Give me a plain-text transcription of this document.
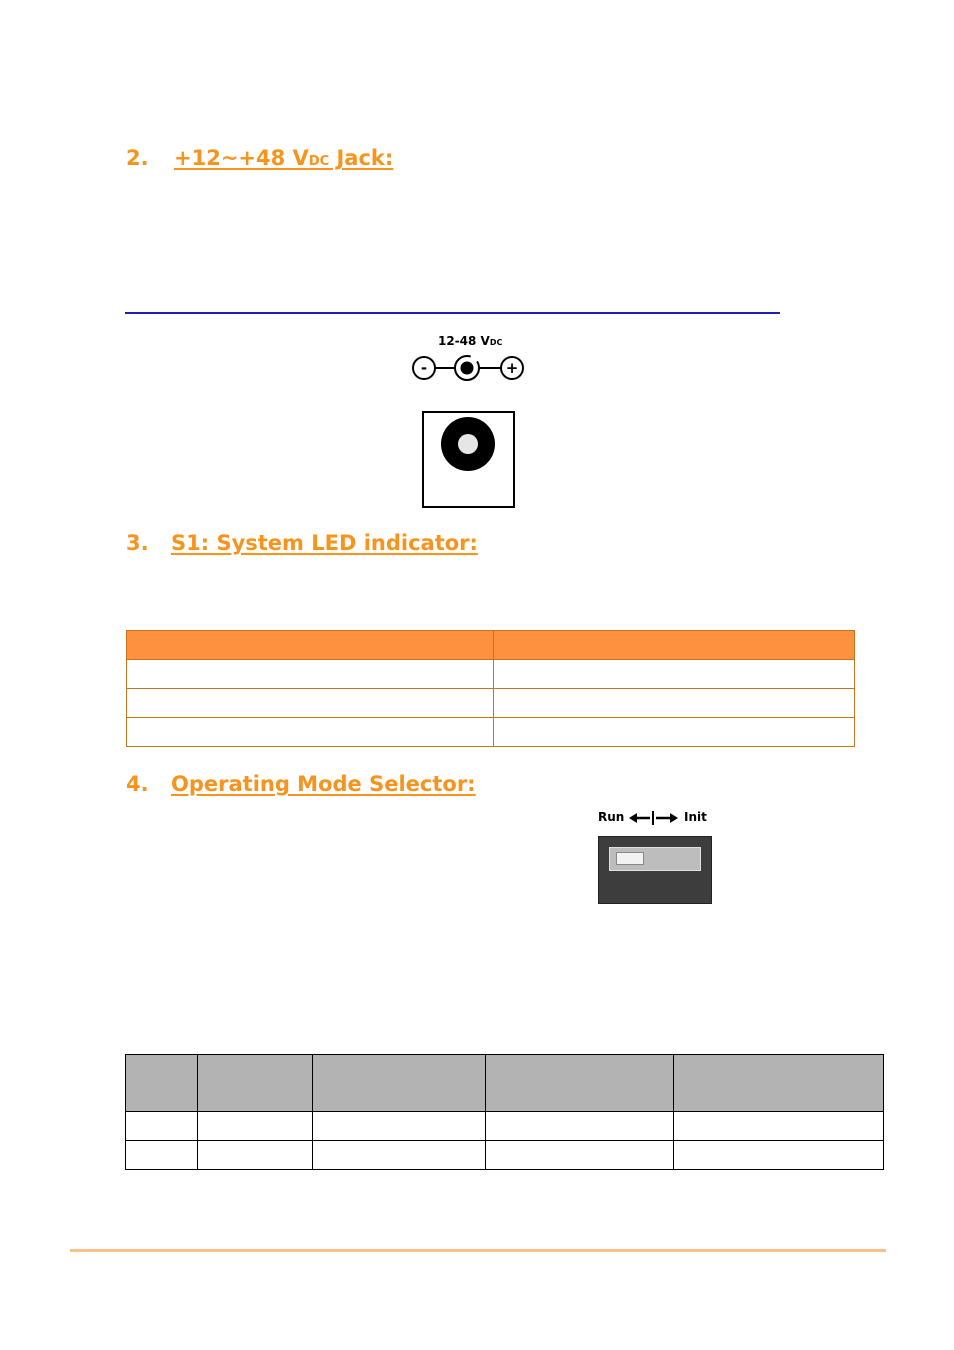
2. +12~+48 VDC Jack:
12-48 VDC
-	+
3. S1: System LED indicator:

4. Operating Mode Selector:
Run	Init
